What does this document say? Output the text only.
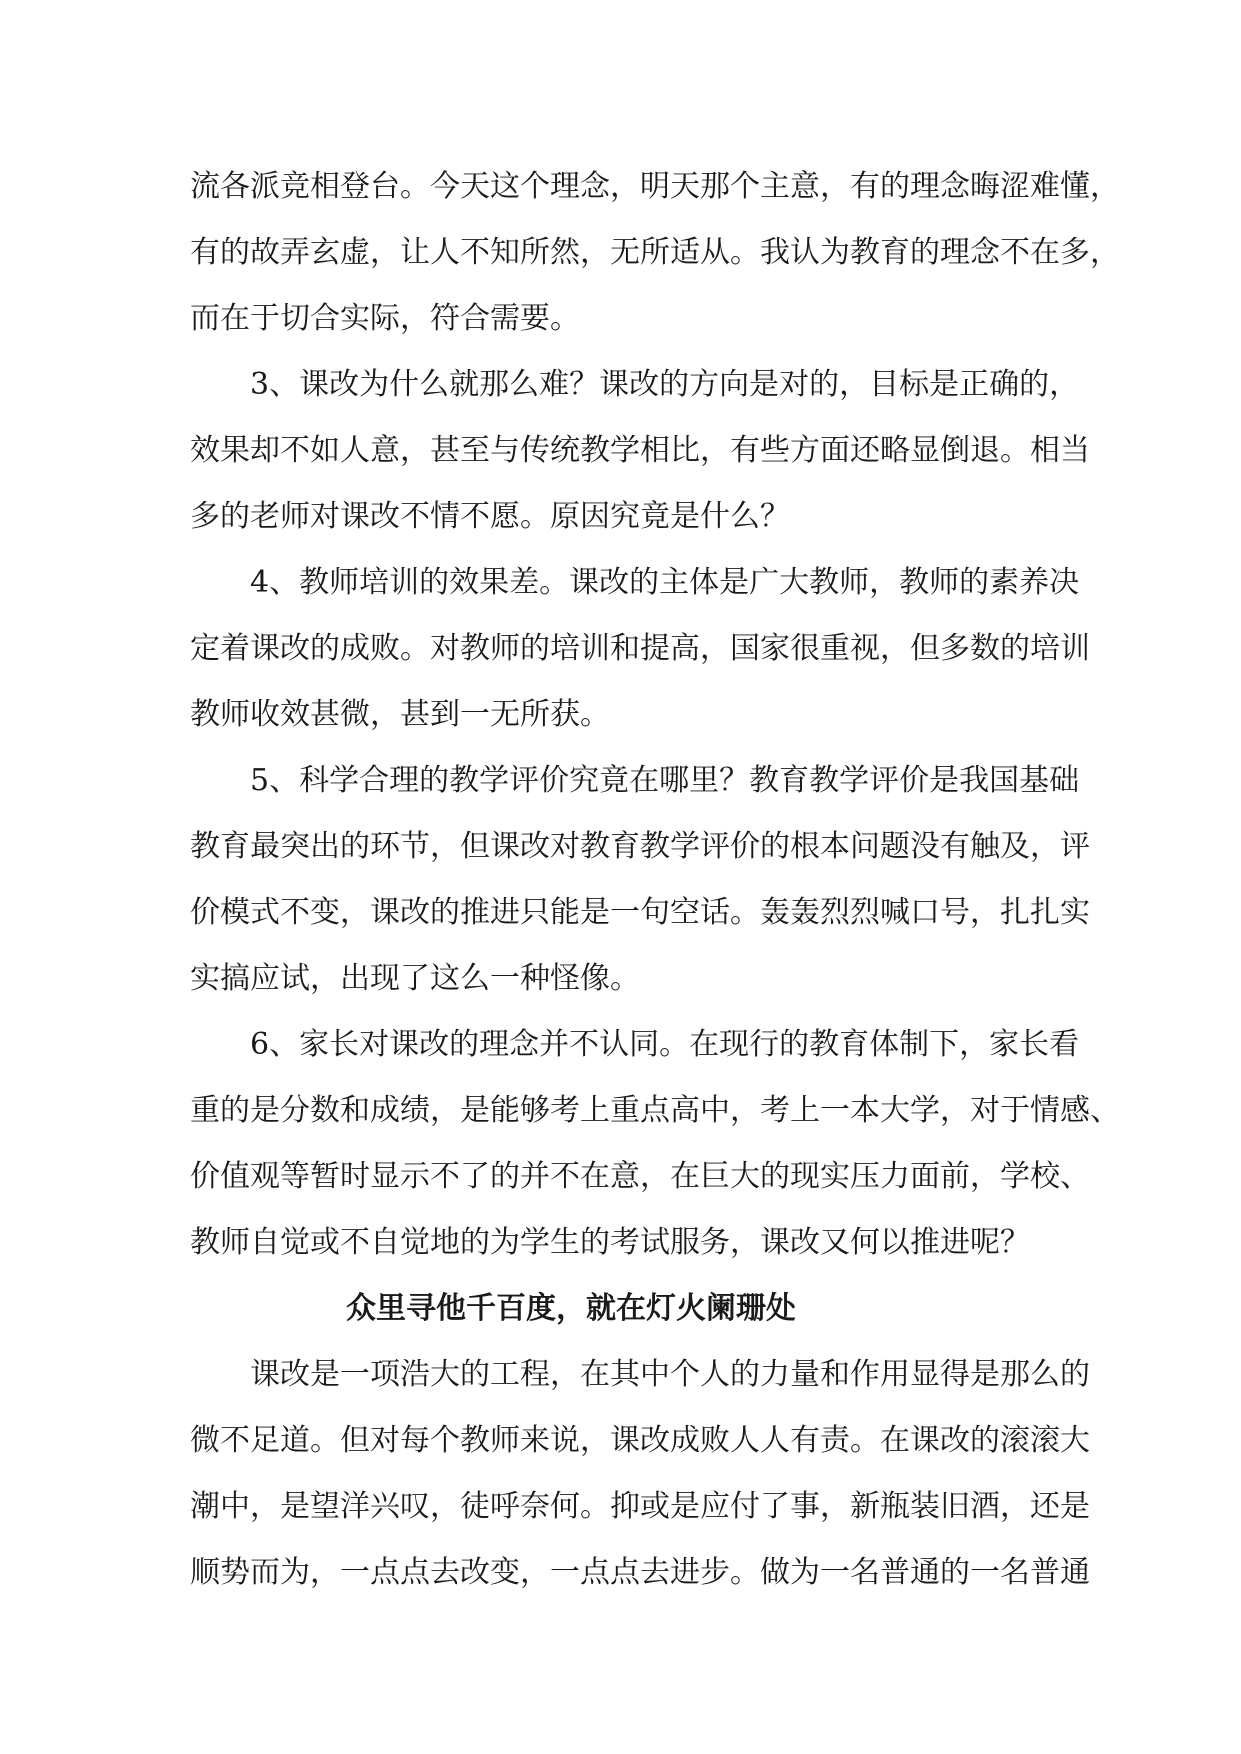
流各派竞相登台。今天这个理念，明天那个主意，有的理念晦涩难懂，
有的故弄玄虚，让人不知所然，无所适从。我认为教育的理念不在多，
而在于切合实际，符合需要。
3、课改为什么就那么难？课改的方向是对的，目标是正确的，
效果却不如人意，甚至与传统教学相比，有些方面还略显倒退。相当
多的老师对课改不情不愿。原因究竟是什么？
4、教师培训的效果差。课改的主体是广大教师，教师的素养决
定着课改的成败。对教师的培训和提高，国家很重视，但多数的培训
教师收效甚微，甚到一无所获。
5、科学合理的教学评价究竟在哪里？教育教学评价是我国基础
教育最突出的环节，但课改对教育教学评价的根本问题没有触及，评
价模式不变，课改的推进只能是一句空话。轰轰烈烈喊口号，扎扎实
实搞应试，出现了这么一种怪像。
6、家长对课改的理念并不认同。在现行的教育体制下，家长看
重的是分数和成绩，是能够考上重点高中，考上一本大学，对于情感、
价值观等暂时显示不了的并不在意，在巨大的现实压力面前，学校、
教师自觉或不自觉地的为学生的考试服务，课改又何以推进呢？
众里寻他千百度，就在灯火阑珊处
课改是一项浩大的工程，在其中个人的力量和作用显得是那么的
微不足道。但对每个教师来说，课改成败人人有责。在课改的滚滚大
潮中，是望洋兴叹，徒呼奈何。抑或是应付了事，新瓶装旧酒，还是
顺势而为，一点点去改变，一点点去进步。做为一名普通的一名普通
